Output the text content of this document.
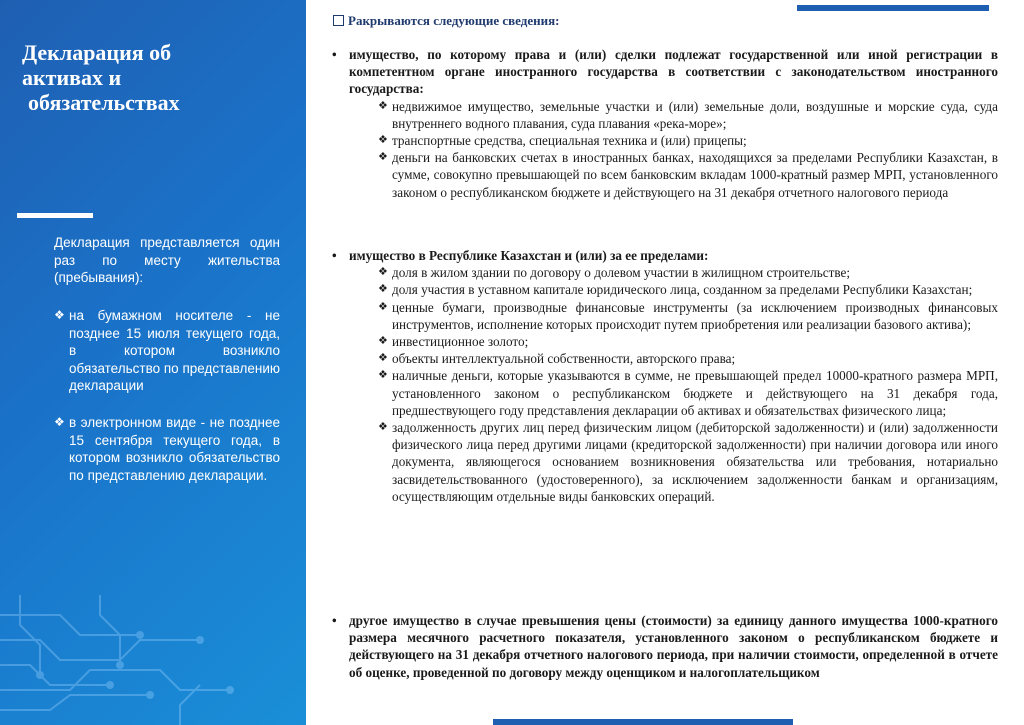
Декларация об
активах и
обязательствах

Декларация представляется один раз по месту жительства (пребывания):

❖ на бумажном носителе - не позднее 15 июля текущего года, в котором возникло обязательство по представлению декларации

❖ в электронном виде - не позднее 15 сентября текущего года, в котором возникло обязательство по представлению декларации.

Ракрываются следующие сведения:
• имущество, по которому права и (или) сделки подлежат государственной или иной регистрации в компетентном органе иностранного государства в соответствии с законодательством иностранного государства:
❖ недвижимое имущество, земельные участки и (или) земельные доли, воздушные и морские суда, суда внутреннего водного плавания, суда плавания «река-море»;
❖ транспортные средства, специальная техника и (или) прицепы;
❖ деньги на банковских счетах в иностранных банках, находящихся за пределами Республики Казахстан, в сумме, совокупно превышающей по всем банковским вкладам 1000-кратный размер МРП, установленного законом о республиканском бюджете и действующего на 31 декабря отчетного налогового периода
• имущество в Республике Казахстан и (или) за ее пределами:
❖ доля в жилом здании по договору о долевом участии в жилищном строительстве;
❖ доля участия в уставном капитале юридического лица, созданном за пределами Республики Казахстан;
❖ ценные бумаги, производные финансовые инструменты (за исключением производных финансовых инструментов, исполнение которых происходит путем приобретения или реализации базового актива);
❖ инвестиционное золото;
❖ объекты интеллектуальной собственности, авторского права;
❖ наличные деньги, которые указываются в сумме, не превышающей предел 10000-кратного размера МРП, установленного законом о республиканском бюджете и действующего на 31 декабря года, предшествующего году представления декларации об активах и обязательствах физического лица;
❖ задолженность других лиц перед физическим лицом (дебиторской задолженности) и (или) задолженности физического лица перед другими лицами (кредиторской задолженности) при наличии договора или иного документа, являющегося основанием возникновения обязательства или требования, нотариально засвидетельствованного (удостоверенного), за исключением задолженности банкам и организациям, осуществляющим отдельные виды банковских операций.
• другое имущество в случае превышения цены (стоимости) за единицу данного имущества 1000-кратного размера месячного расчетного показателя, установленного законом о республиканском бюджете и действующего на 31 декабря отчетного налогового периода, при наличии стоимости, определенной в отчете об оценке, проведенной по договору между оценщиком и налогоплательщиком
